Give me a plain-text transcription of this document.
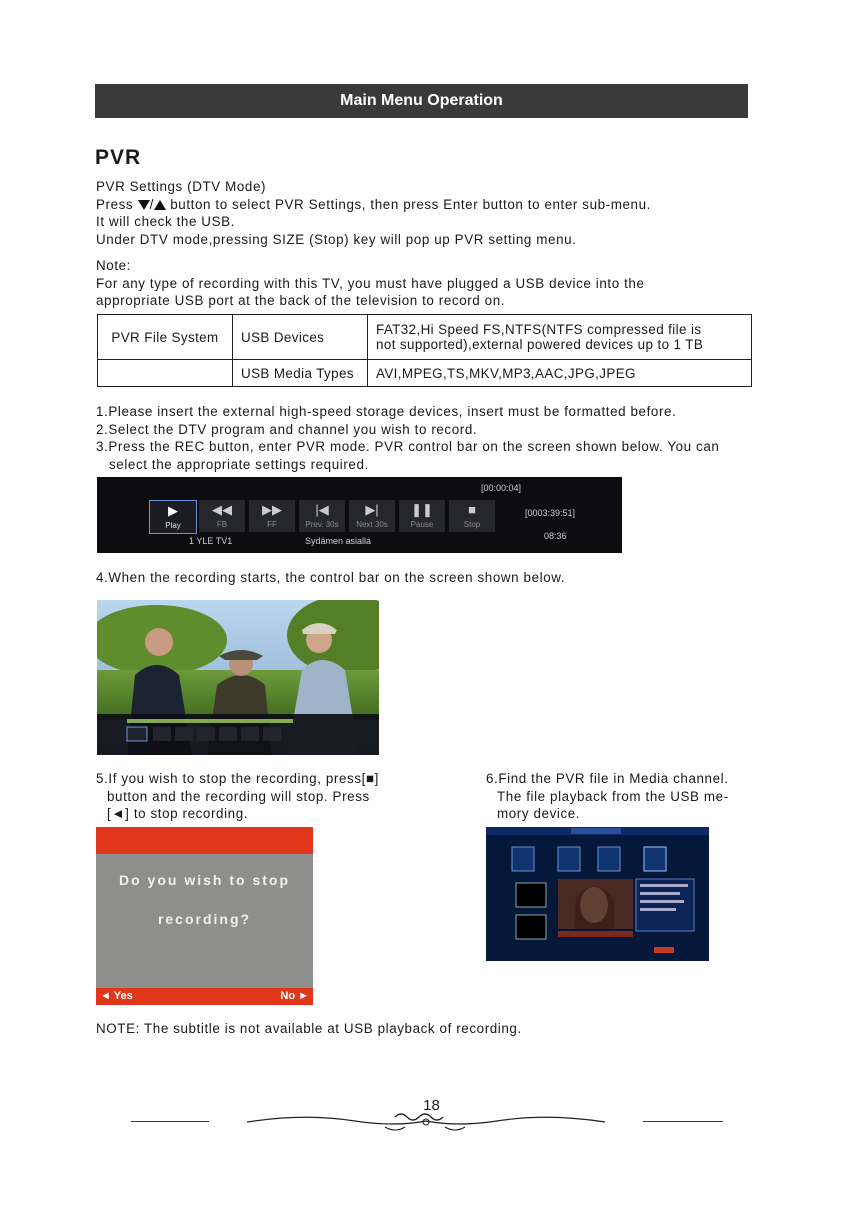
Main Menu Operation
PVR
PVR Settings (DTV Mode)
Press / button to select PVR Settings, then press Enter button to enter sub-menu.
It will check the USB.
Under DTV mode,pressing SIZE (Stop) key will pop up PVR setting menu.
Note:
For any type of recording with this TV, you must have plugged a USB device into the
appropriate USB port at the back of the television to record on.
PVR File System	USB Devices	FAT32,Hi Speed FS,NTFS(NTFS compressed file is
not supported),external powered devices up to 1 TB

	USB Media Types	AVI,MPEG,TS,MKV,MP3,AAC,JPG,JPEG
1.Please insert the external high-speed storage devices, insert must be formatted before.
2.Select the DTV program and channel you wish to record.
3.Press the REC button, enter PVR mode. PVR control bar on the screen shown below. You can
select the appropriate settings required.
[00:00:04]
[0003:39:51]
08:36
1 YLE TV1	Sydämen asialla
▶
Play
◀◀
FB
▶▶
FF
|◀
Prev. 30s
▶|
Next 30s
❚❚
Pause
■
Stop
4.When the recording starts, the control bar on the screen shown below.
5.If you wish to stop the recording, press[■]
button and the recording will stop. Press
[◄] to stop recording.
6.Find the PVR file in Media channel.
The file playback from the USB me-
mory device.
Do you wish to stop
recording?
◄ Yes	No ►
NOTE: The subtitle is not available at USB playback of recording.
18
